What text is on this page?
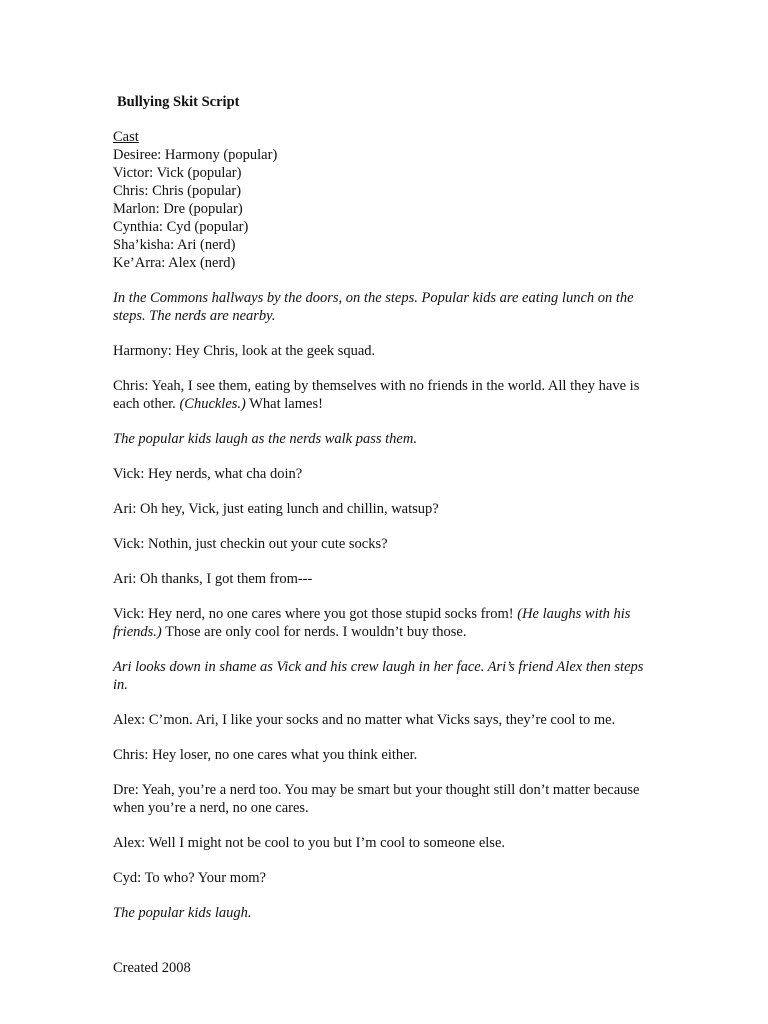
Bullying Skit Script

Cast

Desiree: Harmony (popular)

Victor: Vick (popular)

Chris: Chris (popular)

Marlon: Dre (popular)

Cynthia: Cyd (popular)

Sha’kisha: Ari (nerd)

Ke’Arra: Alex (nerd)

In the Commons hallways by the doors, on the steps. Popular kids are eating lunch on the steps. The nerds are nearby.

Harmony: Hey Chris, look at the geek squad.

Chris: Yeah, I see them, eating by themselves with no friends in the world. All they have is each other. (Chuckles.) What lames!

The popular kids laugh as the nerds walk pass them.

Vick: Hey nerds, what cha doin?

Ari: Oh hey, Vick, just eating lunch and chillin, watsup?

Vick: Nothin, just checkin out your cute socks?

Ari: Oh thanks, I got them from---

Vick: Hey nerd, no one cares where you got those stupid socks from! (He laughs with his friends.) Those are only cool for nerds. I wouldn’t buy those.

Ari looks down in shame as Vick and his crew laugh in her face. Ari’s friend Alex then steps in.

Alex: C’mon. Ari, I like your socks and no matter what Vicks says, they’re cool to me.

Chris: Hey loser, no one cares what you think either.

Dre: Yeah, you’re a nerd too. You may be smart but your thought still don’t matter because when you’re a nerd, no one cares.

Alex: Well I might not be cool to you but I’m cool to someone else.

Cyd: To who? Your mom?

The popular kids laugh.

Created 2008
